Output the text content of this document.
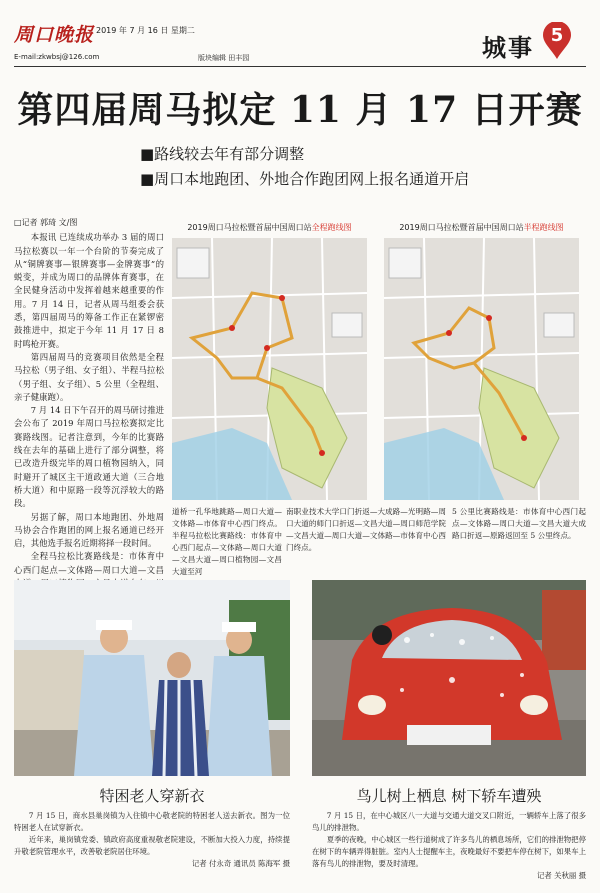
周口晚报 2019 年 7 月 16 日 星期二
E-mail:zkwbsj@126.com	版块编辑 田丰园	城事 5
第四届周马拟定 11 月 17 日开赛
■路线较去年有部分调整
■周口本地跑团、外地合作跑团网上报名通道开启
□记者 郭琦 文/图

本报讯 已连续成功举办 3 届的周口马拉松赛以一年一个台阶的节奏完成了从“铜牌赛事—银牌赛事—金牌赛事”的蜕变，并成为周口的品牌体育赛事，在全民健身活动中发挥着越来越重要的作用。7 月 14 日，记者从周马组委会获悉，第四届周马的筹备工作正在紧锣密鼓推进中，拟定于今年 11 月 17 日 8 时鸣枪开赛。

第四届周马的竞赛项目依然是全程马拉松（男子组、女子组）、半程马拉松（男子组、女子组）、5 公里（全程组、亲子健康跑）。

7 月 14 日下午召开的周马研讨推进会公布了 2019 年周口马拉松赛拟定比赛路线图。记者注意到，今年的比赛路线在去年的基础上进行了部分调整，将已改造升级完毕的周口植物园纳入，同时避开了城区主干道政通大道（三合地桥大道）和中原路一段等沉浮较大的路段。

另据了解，周口本地跑团、外地周马协会合作跑团的网上报名通道已经开启，其他选手报名近期将择一段时间。

全程马拉松比赛路线是：市体育中心西门起点—文体路—周口大道—文昌

2019周口马拉松暨首届中国周口站全程跑线图	2019周口马拉松暨首届中国周口站半程跑线图
道桥一孔华地跳路—周口大道—文体路—市体育中心西门终点。半程马拉松比赛路线：市体育中心西门起点—文体路—周口大道—文昌大道—周口植物园—文昌大道至河
南职业技术大学口门折返—大成路—光明路—周口大道的师门口折返—文昌大道—周口师范学院—文昌大道—周口大道—文体路—市体育中心西门终点。
5 公里比赛路线是：市体育中心西门起点—文体路—周口大道—文昌大道大成路口折返—原路返回至 5 公里终点。
特困老人穿新衣	鸟儿树上栖息 树下轿车遭殃

7 月 15 日，商水县巢岗镇为入住镇中心敬老院的特困老人送去新衣。图为一位特困老人在试穿新衣。

近年来，巢岗镇党委、镇政府高度重视敬老院建设，不断加大投入力度，持续提升敬老院管理水平，改善敬老院居住环境。

记者 付永奇 通讯员 陈海军 摄

7 月 15 日，在中心城区八一大道与交通大道交叉口附近，一辆轿车上落了很多鸟儿的排泄物。

夏季的夜晚，中心城区一些行道树成了许多鸟儿的栖息场所，它们的排泄物把停在树下的车辆弄得脏脏。室内人士提醒车主，夜晚最好不要把车停在树下，如果车上落有鸟儿的排泄物，要及时清理。

记者 关秋丽 摄
